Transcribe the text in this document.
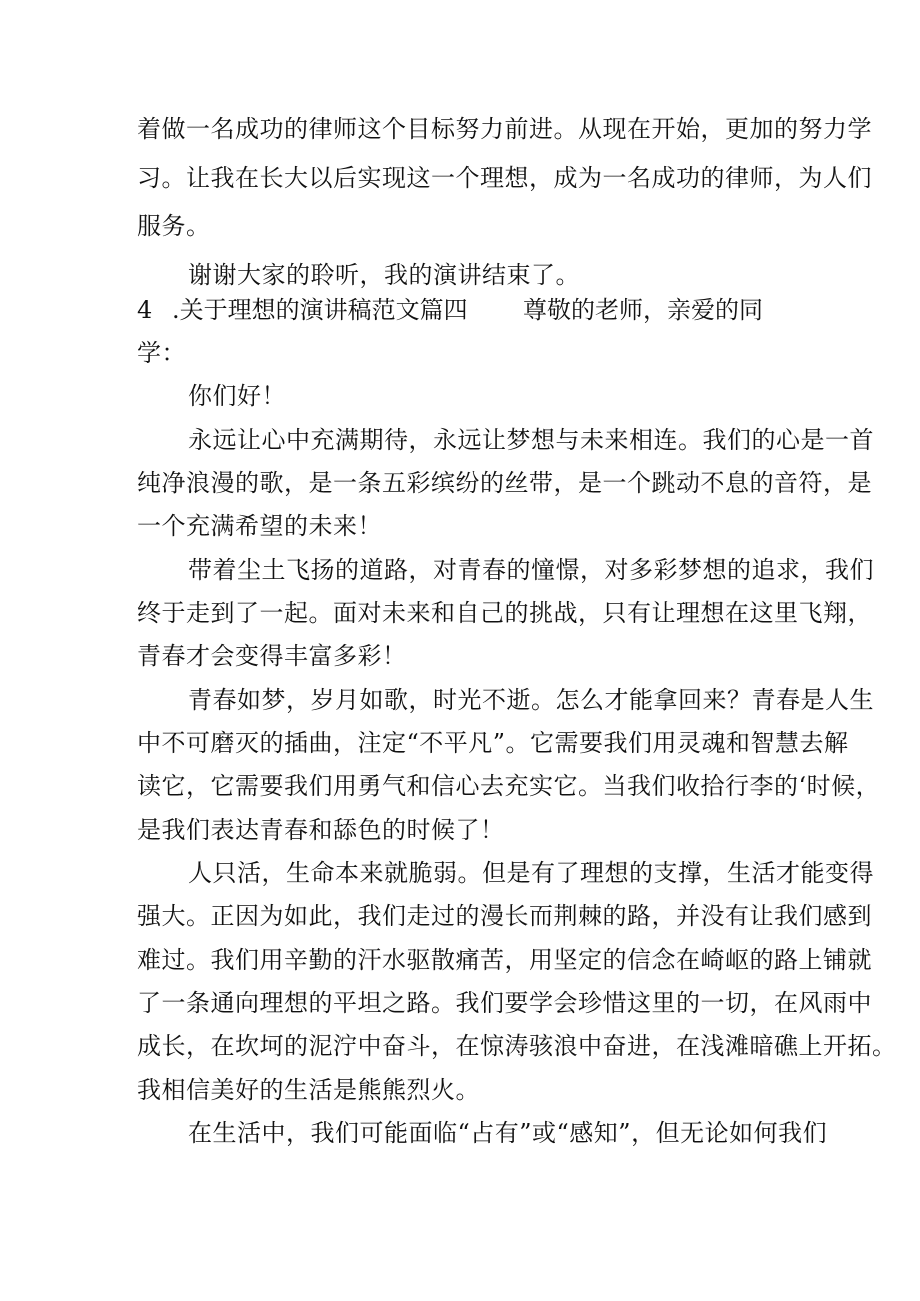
着做一名成功的律师这个目标努力前进。从现在开始，更加的努力学
习。让我在长大以后实现这一个理想，成为一名成功的律师，为人们
服务。
谢谢大家的聆听，我的演讲结束了。
4 .关于理想的演讲稿范文篇四 尊敬的老师，亲爱的同
学：
你们好！
永远让心中充满期待，永远让梦想与未来相连。我们的心是一首
纯净浪漫的歌，是一条五彩缤纷的丝带，是一个跳动不息的音符，是
一个充满希望的未来！
带着尘土飞扬的道路，对青春的憧憬，对多彩梦想的追求，我们
终于走到了一起。面对未来和自己的挑战，只有让理想在这里飞翔，
青春才会变得丰富多彩！
青春如梦，岁月如歌，时光不逝。怎么才能拿回来？青春是人生
中不可磨灭的插曲，注定“不平凡”。它需要我们用灵魂和智慧去解
读它，它需要我们用勇气和信心去充实它。当我们收拾行李的‘时候，
是我们表达青春和舔色的时候了！
人只活，生命本来就脆弱。但是有了理想的支撑，生活才能变得
强大。正因为如此，我们走过的漫长而荆棘的路，并没有让我们感到
难过。我们用辛勤的汗水驱散痛苦，用坚定的信念在崎岖的路上铺就
了一条通向理想的平坦之路。我们要学会珍惜这里的一切，在风雨中
成长，在坎坷的泥泞中奋斗，在惊涛骇浪中奋进，在浅滩暗礁上开拓。
我相信美好的生活是熊熊烈火。
在生活中，我们可能面临“占有”或“感知”，但无论如何我们
